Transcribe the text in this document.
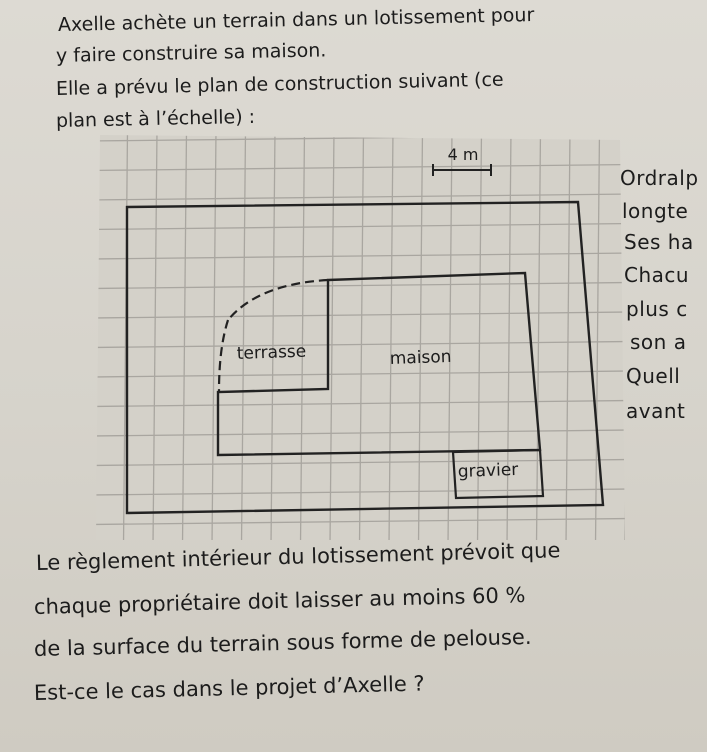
Axelle achète un terrain dans un lotissement pour
y faire construire sa maison.
Elle a prévu le plan de construction suivant (ce
plan est à l’échelle) :
4 m
terrasse	maison
gravier
Ordralp
longte
Ses ha
Chacu
plus c
son a
Quell
avant
Le règlement intérieur du lotissement prévoit que
chaque propriétaire doit laisser au moins 60 %
de la surface du terrain sous forme de pelouse.
Est-ce le cas dans le projet d’Axelle ?
